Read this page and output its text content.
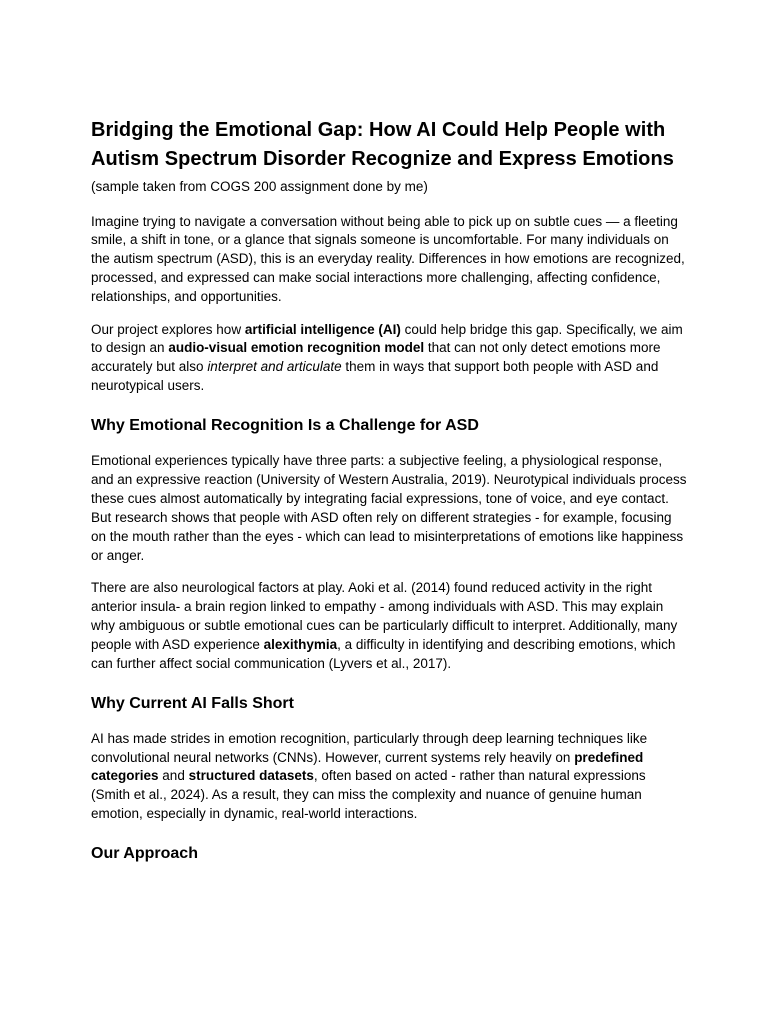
Bridging the Emotional Gap: How AI Could Help People with Autism Spectrum Disorder Recognize and Express Emotions
(sample taken from COGS 200 assignment done by me)

Imagine trying to navigate a conversation without being able to pick up on subtle cues — a fleeting smile, a shift in tone, or a glance that signals someone is uncomfortable. For many individuals on the autism spectrum (ASD), this is an everyday reality. Differences in how emotions are recognized, processed, and expressed can make social interactions more challenging, affecting confidence, relationships, and opportunities.

Our project explores how artificial intelligence (AI) could help bridge this gap. Specifically, we aim to design an audio-visual emotion recognition model that can not only detect emotions more accurately but also interpret and articulate them in ways that support both people with ASD and neurotypical users.

Why Emotional Recognition Is a Challenge for ASD

Emotional experiences typically have three parts: a subjective feeling, a physiological response, and an expressive reaction (University of Western Australia, 2019). Neurotypical individuals process these cues almost automatically by integrating facial expressions, tone of voice, and eye contact. But research shows that people with ASD often rely on different strategies - for example, focusing on the mouth rather than the eyes - which can lead to misinterpretations of emotions like happiness or anger.

There are also neurological factors at play. Aoki et al. (2014) found reduced activity in the right anterior insula- a brain region linked to empathy - among individuals with ASD. This may explain why ambiguous or subtle emotional cues can be particularly difficult to interpret. Additionally, many people with ASD experience alexithymia, a difficulty in identifying and describing emotions, which can further affect social communication (Lyvers et al., 2017).

Why Current AI Falls Short

AI has made strides in emotion recognition, particularly through deep learning techniques like convolutional neural networks (CNNs). However, current systems rely heavily on predefined categories and structured datasets, often based on acted - rather than natural expressions (Smith et al., 2024). As a result, they can miss the complexity and nuance of genuine human emotion, especially in dynamic, real-world interactions.

Our Approach
